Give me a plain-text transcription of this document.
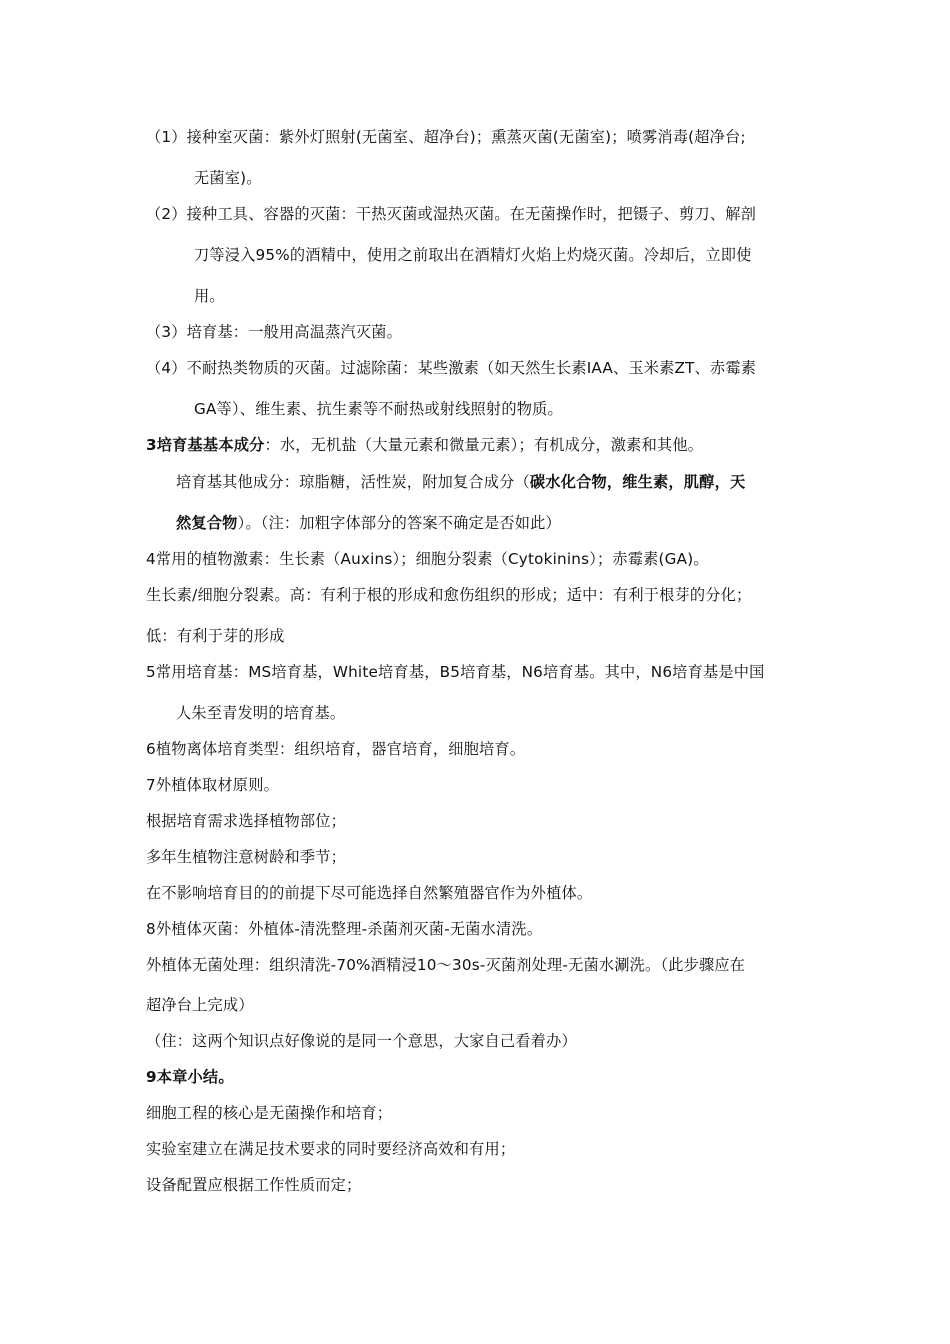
（1）接种室灭菌：紫外灯照射(无菌室、超净台)；熏蒸灭菌(无菌室)；喷雾消毒(超净台;
无菌室)。
（2）接种工具、容器的灭菌：干热灭菌或湿热灭菌。在无菌操作时，把镊子、剪刀、解剖
刀等浸入95%的酒精中，使用之前取出在酒精灯火焰上灼烧灭菌。冷却后，立即使
用。
（3）培育基：一般用高温蒸汽灭菌。
（4）不耐热类物质的灭菌。过滤除菌：某些激素（如天然生长素IAA、玉米素ZT、赤霉素
GA等）、维生素、抗生素等不耐热或射线照射的物质。
3培育基基本成分：水，无机盐（大量元素和微量元素）；有机成分，激素和其他。
培育基其他成分：琼脂糖，活性炭，附加复合成分（碳水化合物，维生素，肌醇，天
然复合物）。（注：加粗字体部分的答案不确定是否如此）
4常用的植物激素：生长素（Auxins）；细胞分裂素（Cytokinins）；赤霉素(GA)。
生长素/细胞分裂素。高：有利于根的形成和愈伤组织的形成；适中：有利于根芽的分化；
低：有利于芽的形成
5常用培育基：MS培育基，White培育基，B5培育基，N6培育基。其中，N6培育基是中国
人朱至青发明的培育基。
6植物离体培育类型：组织培育，器官培育，细胞培育。
7外植体取材原则。
根据培育需求选择植物部位；
多年生植物注意树龄和季节；
在不影响培育目的的前提下尽可能选择自然繁殖器官作为外植体。
8外植体灭菌：外植体-清洗整理-杀菌剂灭菌-无菌水清洗。
外植体无菌处理：组织清洗-70%酒精浸10～30s-灭菌剂处理-无菌水涮洗。（此步骤应在
超净台上完成）
（住：这两个知识点好像说的是同一个意思，大家自己看着办）
9本章小结。
细胞工程的核心是无菌操作和培育；
实验室建立在满足技术要求的同时要经济高效和有用；
设备配置应根据工作性质而定；
